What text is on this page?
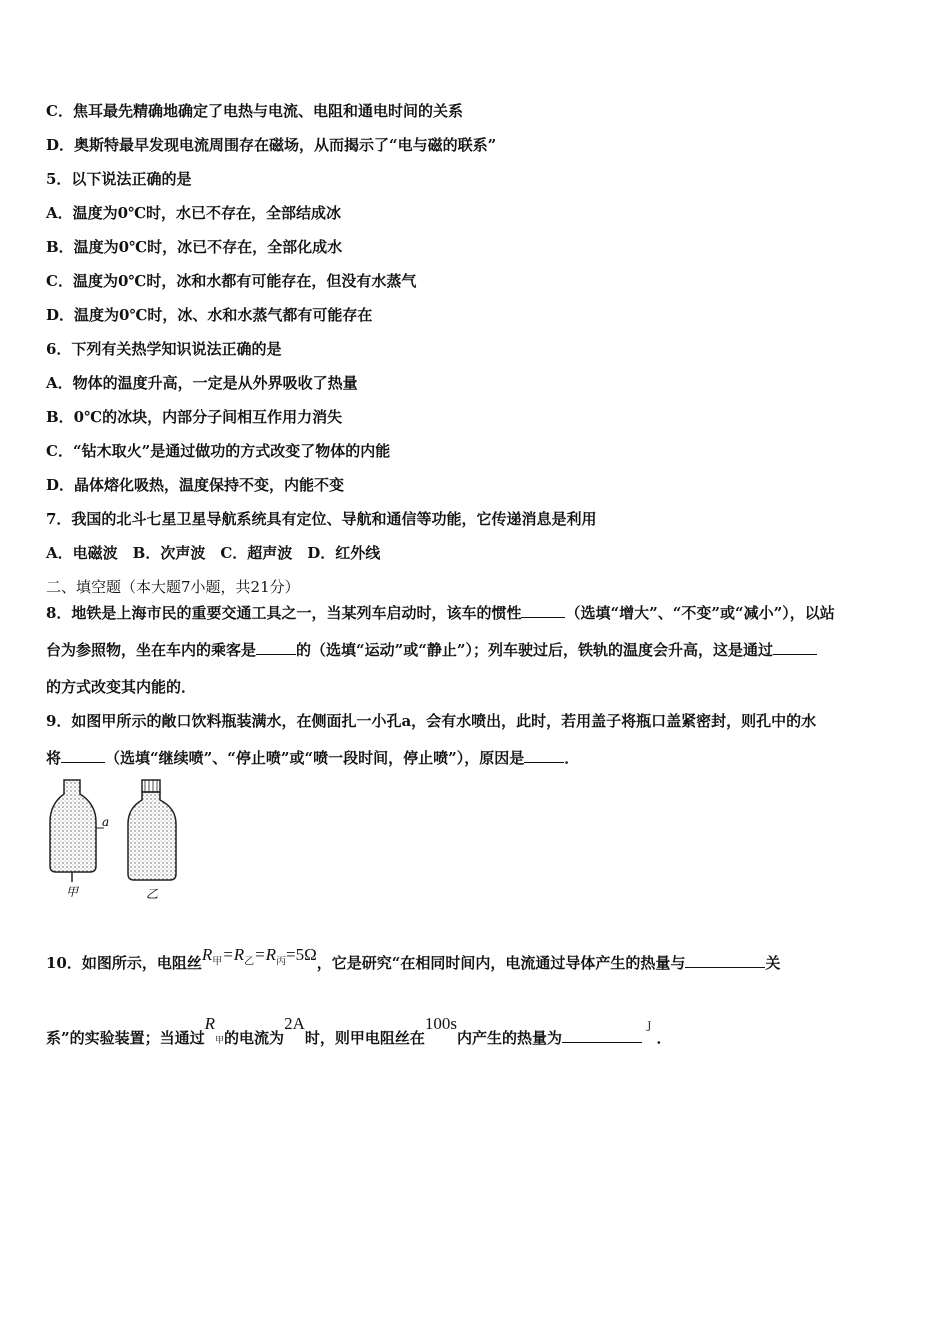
C．焦耳最先精确地确定了电热与电流、电阻和通电时间的关系
D．奥斯特最早发现电流周围存在磁场，从而揭示了“电与磁的联系”
5．以下说法正确的是
A．温度为0℃时，水已不存在，全部结成冰
B．温度为0℃时，冰已不存在，全部化成水
C．温度为0℃时，冰和水都有可能存在，但没有水蒸气
D．温度为0℃时，冰、水和水蒸气都有可能存在
6．下列有关热学知识说法正确的是
A．物体的温度升高，一定是从外界吸收了热量
B．0℃的冰块，内部分子间相互作用力消失
C．“钻木取火”是通过做功的方式改变了物体的内能
D．晶体熔化吸热，温度保持不变，内能不变
7．我国的北斗七星卫星导航系统具有定位、导航和通信等功能，它传递消息是利用
A．电磁波　B．次声波　C．超声波　D．红外线
二、填空题（本大题7小题，共21分）
8．地铁是上海市民的重要交通工具之一，当某列车启动时，该车的惯性	（选填“增大”、“不变”或“减小”），以站
台为参照物，坐在车内的乘客是	的（选填“运动”或“静止”）；列车驶过后，铁轨的温度会升高，这是通过
的方式改变其内能的．
9．如图甲所示的敞口饮料瓶装满水，在侧面扎一小孔a，会有水喷出，此时，若用盖子将瓶口盖紧密封，则孔中的水
将	（选填“继续喷”、“停止喷”或“喷一段时间，停止喷”），原因是	．
a
甲	乙
10．如图所示，电阻丝$R_甲=R_乙=R_丙=5\Omega$，它是研究“在相同时间内，电流通过导体产生的热量与	关
系”的实验装置；当通过R甲的电流为2A时，则甲电阻丝在100s内产生的热量为 $^J$ ．
